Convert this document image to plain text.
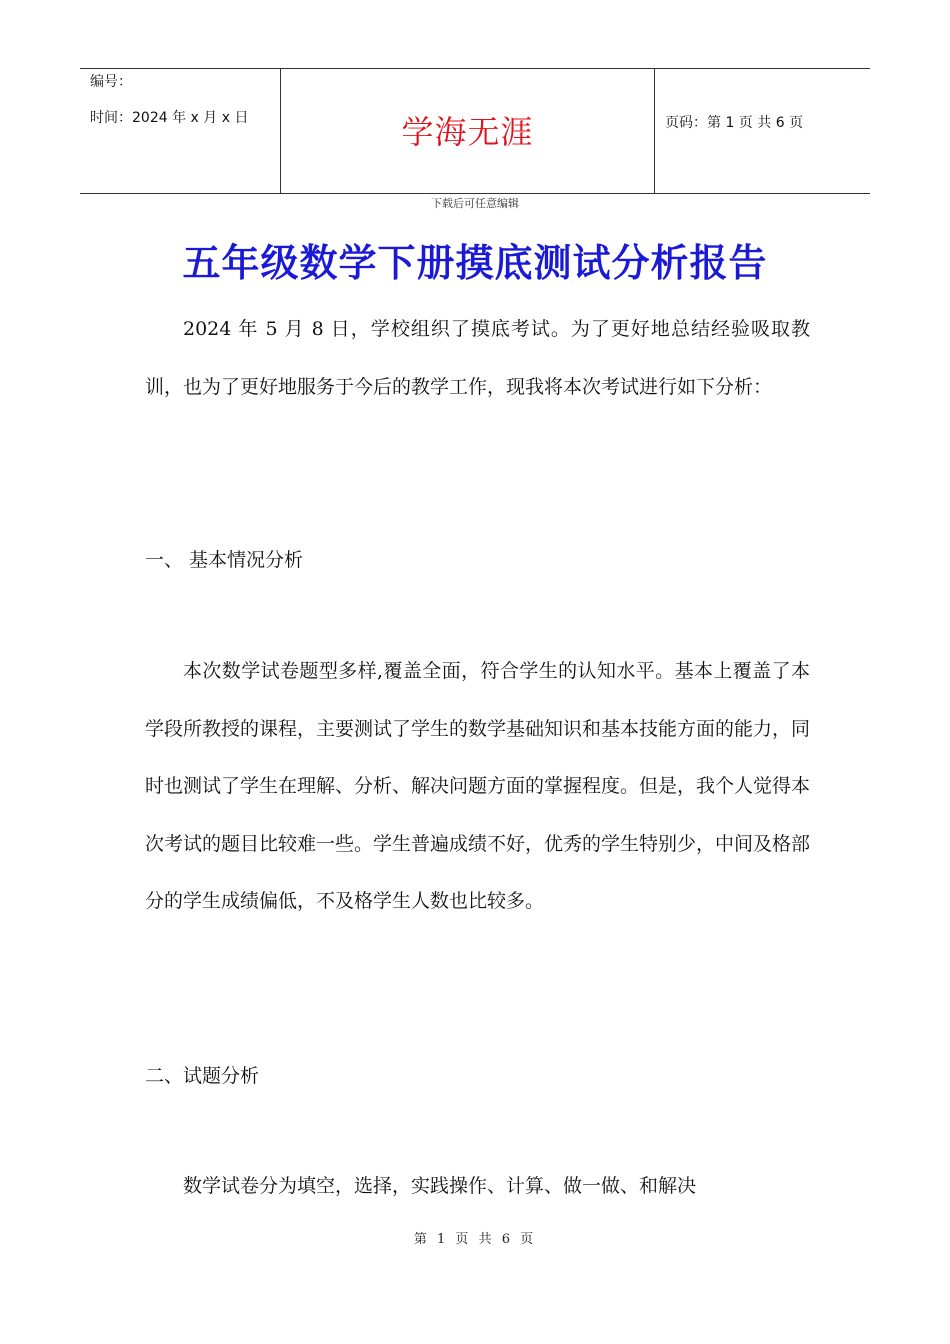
编号：
时间：2024 年 x 月 x 日	学海无涯	页码：第 1 页 共 6 页
下载后可任意编辑
五年级数学下册摸底测试分析报告

2024 年 5 月 8 日，学校组织了摸底考试。为了更好地总结经验吸取教训，也为了更好地服务于今后的教学工作，现我将本次考试进行如下分析：

一、 基本情况分析

本次数学试卷题型多样,覆盖全面，符合学生的认知水平。基本上覆盖了本学段所教授的课程，主要测试了学生的数学基础知识和基本技能方面的能力，同时也测试了学生在理解、分析、解决问题方面的掌握程度。但是，我个人觉得本次考试的题目比较难一些。学生普遍成绩不好，优秀的学生特别少，中间及格部分的学生成绩偏低，不及格学生人数也比较多。

二、试题分析

数学试卷分为填空，选择，实践操作、计算、做一做、和解决

第 1 页 共 6 页
